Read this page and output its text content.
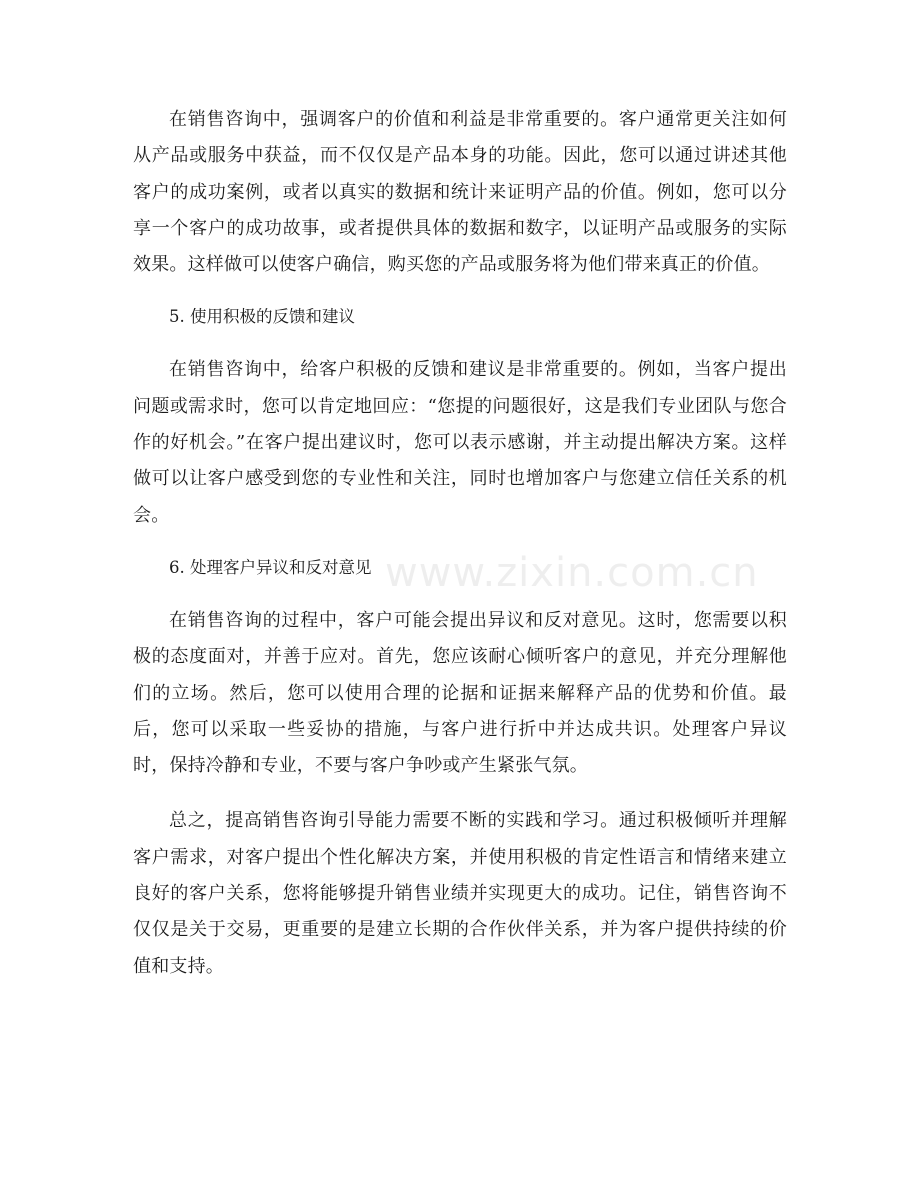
在销售咨询中，强调客户的价值和利益是非常重要的。客户通常更关注如何从产品或服务中获益，而不仅仅是产品本身的功能。因此，您可以通过讲述其他客户的成功案例，或者以真实的数据和统计来证明产品的价值。例如，您可以分享一个客户的成功故事，或者提供具体的数据和数字，以证明产品或服务的实际效果。这样做可以使客户确信，购买您的产品或服务将为他们带来真正的价值。

5. 使用积极的反馈和建议

在销售咨询中，给客户积极的反馈和建议是非常重要的。例如，当客户提出问题或需求时，您可以肯定地回应：“您提的问题很好，这是我们专业团队与您合作的好机会。”在客户提出建议时，您可以表示感谢，并主动提出解决方案。这样做可以让客户感受到您的专业性和关注，同时也增加客户与您建立信任关系的机会。

6. 处理客户异议和反对意见

在销售咨询的过程中，客户可能会提出异议和反对意见。这时，您需要以积极的态度面对，并善于应对。首先，您应该耐心倾听客户的意见，并充分理解他们的立场。然后，您可以使用合理的论据和证据来解释产品的优势和价值。最后，您可以采取一些妥协的措施，与客户进行折中并达成共识。处理客户异议时，保持冷静和专业，不要与客户争吵或产生紧张气氛。

总之，提高销售咨询引导能力需要不断的实践和学习。通过积极倾听并理解客户需求，对客户提出个性化解决方案，并使用积极的肯定性语言和情绪来建立良好的客户关系，您将能够提升销售业绩并实现更大的成功。记住，销售咨询不仅仅是关于交易，更重要的是建立长期的合作伙伴关系，并为客户提供持续的价值和支持。

www.zixin.com.cn
